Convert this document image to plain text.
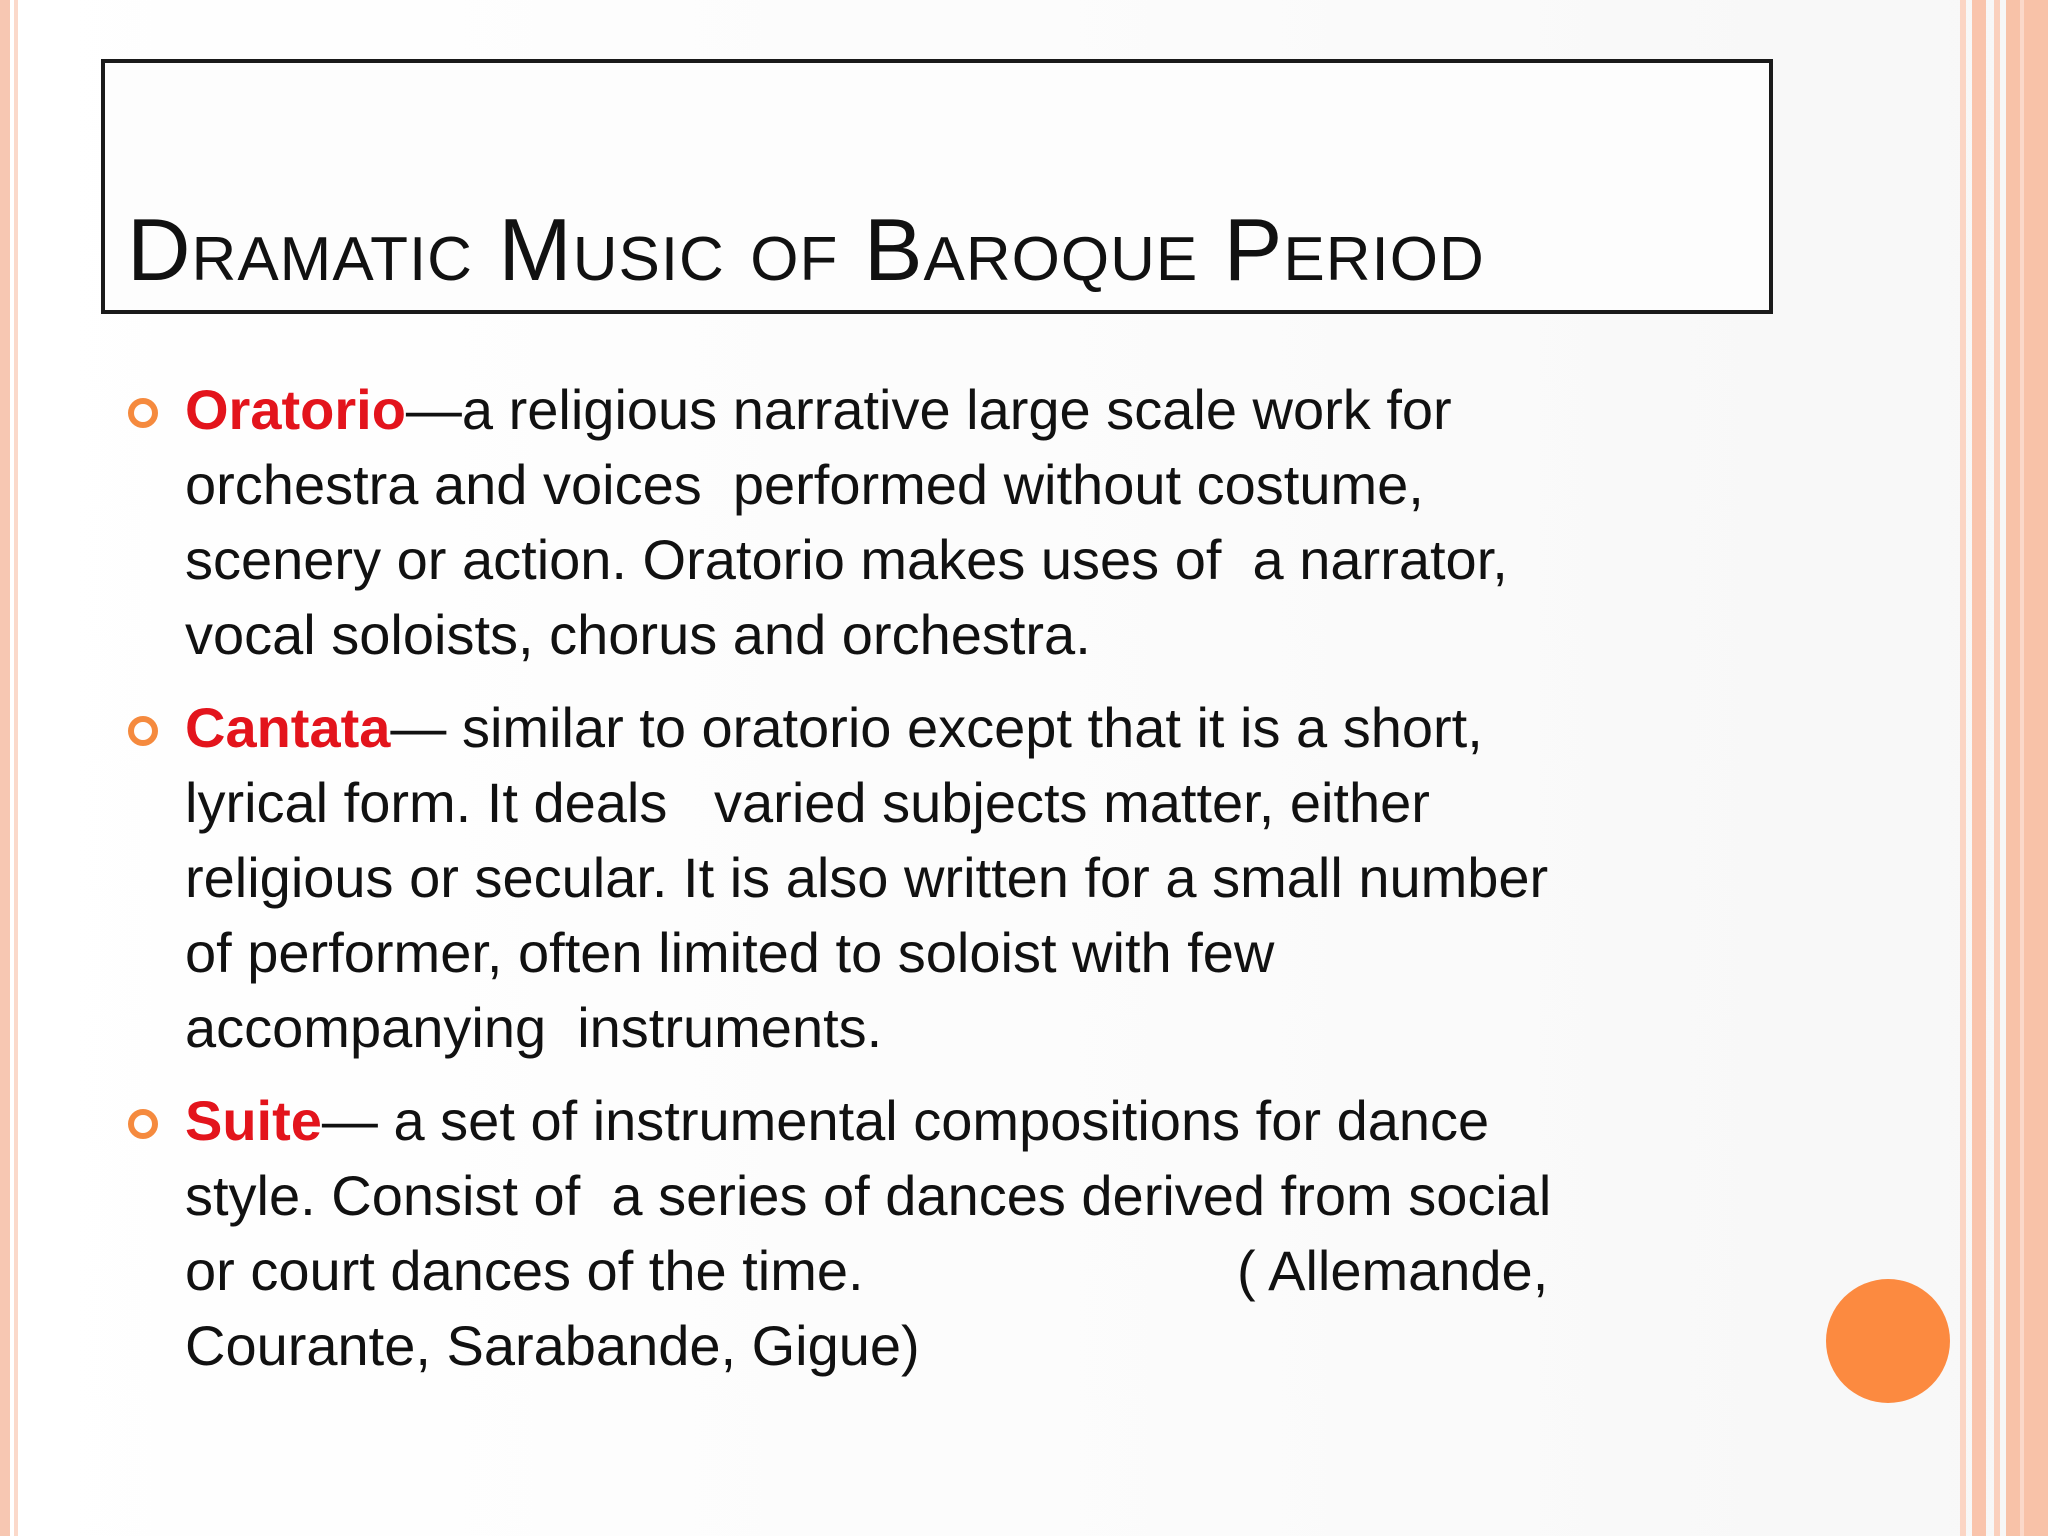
Dramatic Music of Baroque Period
Oratorio—a religious narrative large scale work for
orchestra and voices  performed without costume,
scenery or action. Oratorio makes uses of  a narrator,
vocal soloists, chorus and orchestra.
Cantata— similar to oratorio except that it is a short,
lyrical form. It deals   varied subjects matter, either
religious or secular. It is also written for a small number
of performer, often limited to soloist with few
accompanying  instruments.
Suite— a set of instrumental compositions for dance
style. Consist of  a series of dances derived from social
or court dances of the time.                        ( Allemande,
Courante, Sarabande, Gigue)
